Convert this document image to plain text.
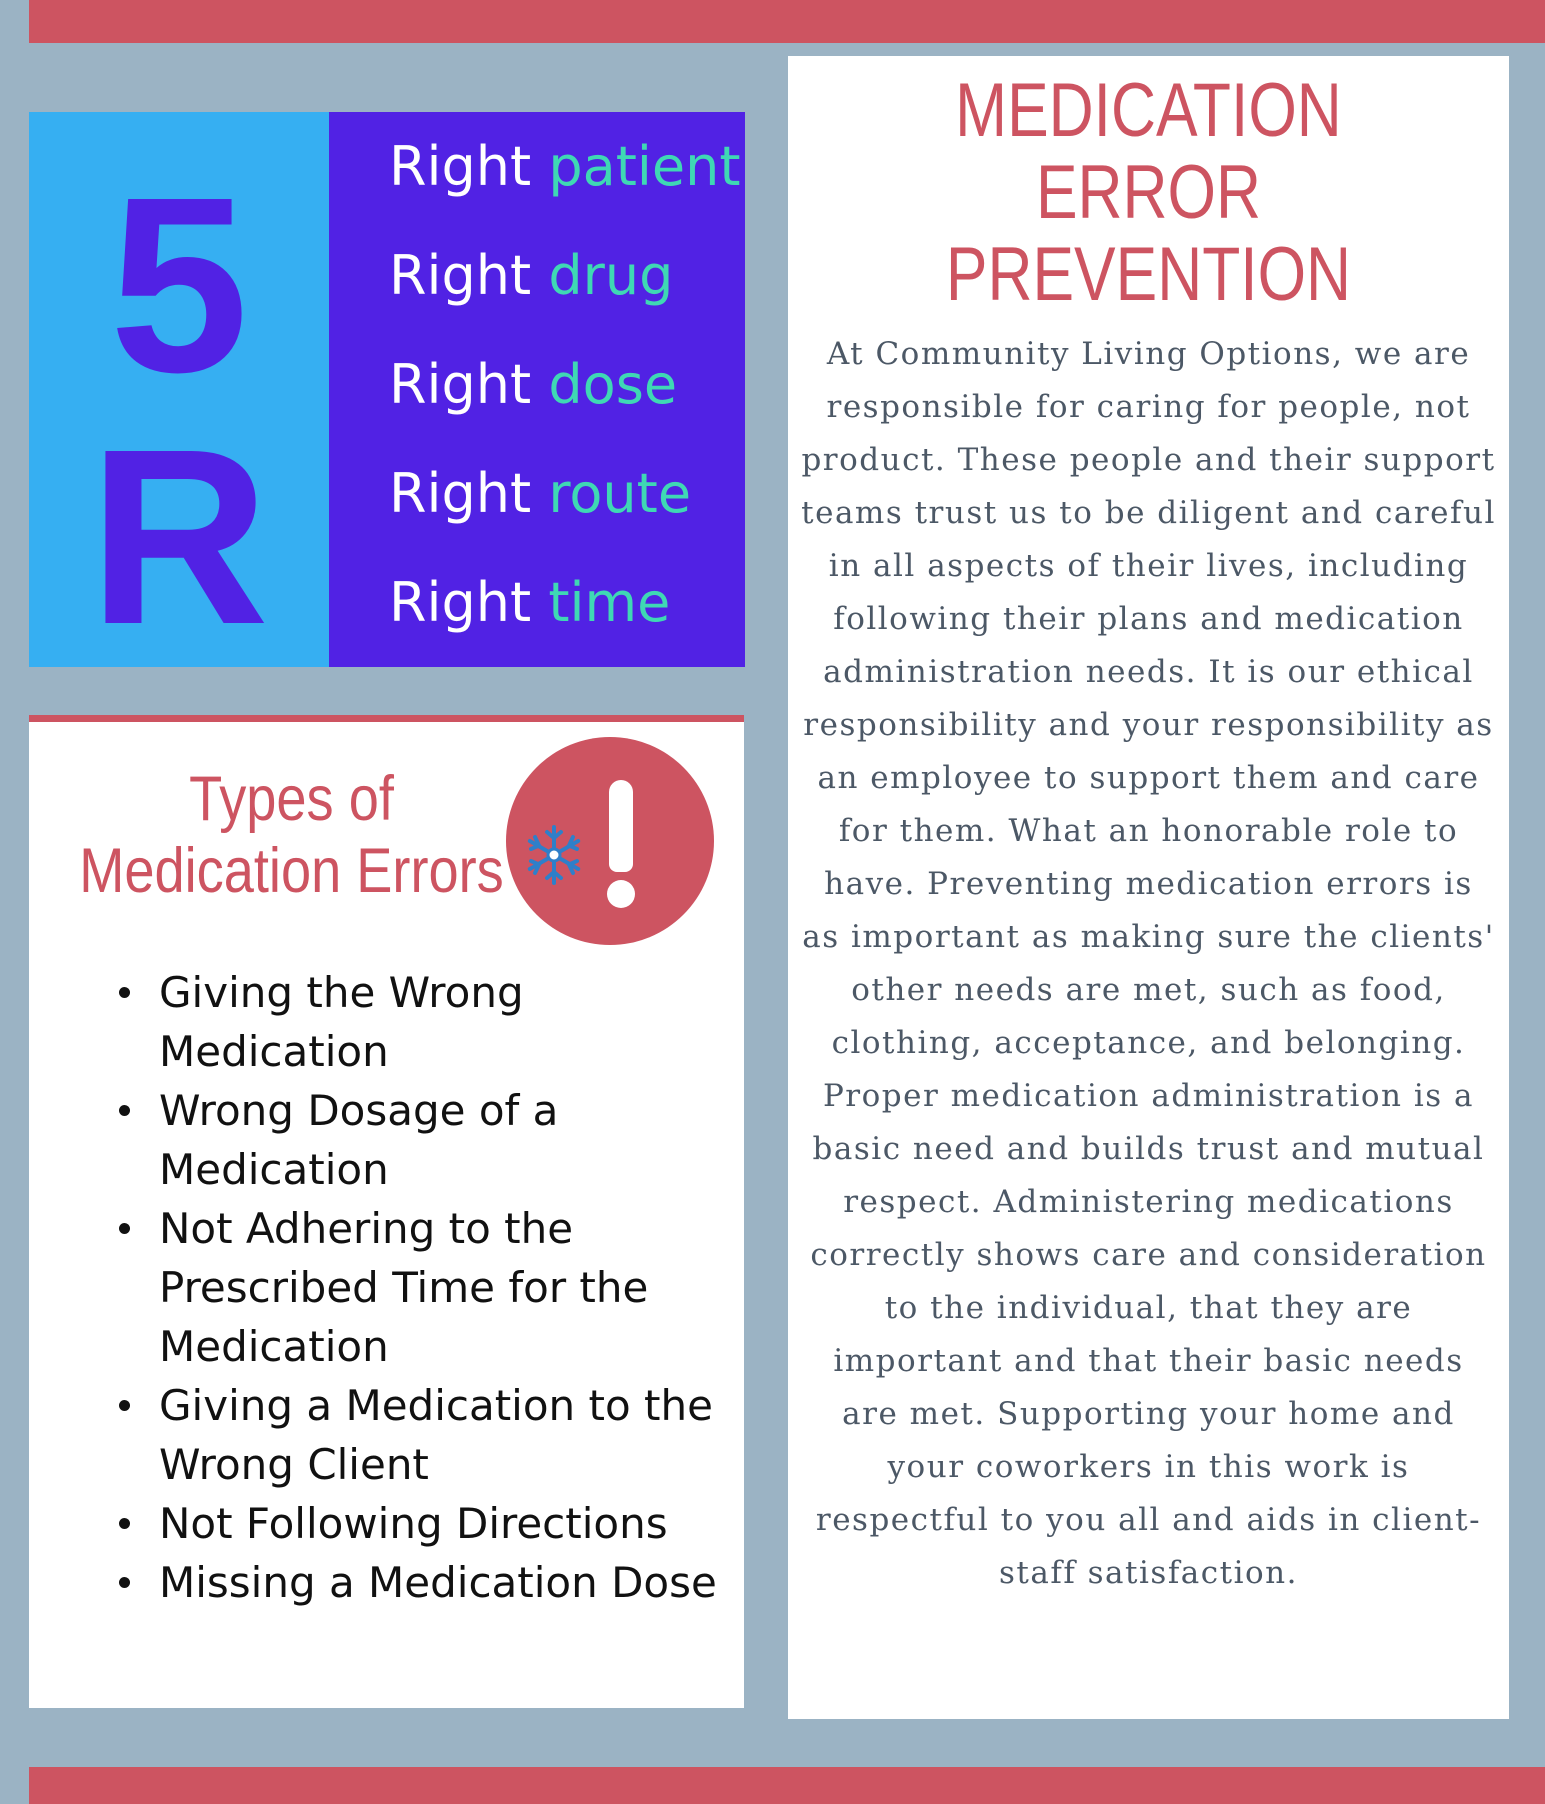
5
R
Right patient
Right drug
Right dose
Right route
Right time
Types of
Medication Errors
Giving the Wrong Medication
Wrong Dosage of a Medication
Not Adhering to the Prescribed Time for the Medication
Giving a Medication to the Wrong Client
Not Following Directions
Missing a Medication Dose
MEDICATION ERROR
PREVENTION
At Community Living Options, we are responsible for caring for people, not product. These people and their support teams trust us to be diligent and careful in all aspects of their lives, including following their plans and medication administration needs. It is our ethical responsibility and your responsibility as an employee to support them and care for them. What an honorable role to have. Preventing medication errors is as important as making sure the clients' other needs are met, such as food, clothing, acceptance, and belonging. Proper medication administration is a basic need and builds trust and mutual respect. Administering medications correctly shows care and consideration to the individual, that they are important and that their basic needs are met. Supporting your home and your coworkers in this work is respectful to you all and aids in client-staff satisfaction.
